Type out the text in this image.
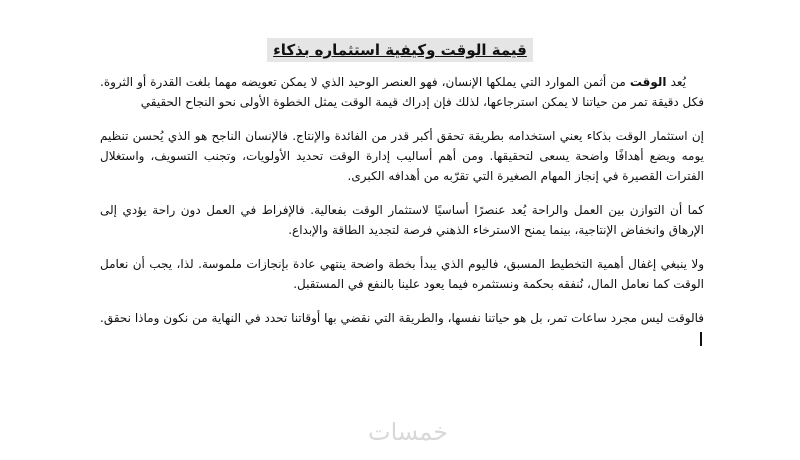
قيمة الوقت وكيفية استثماره بذكاء

يُعد الوقت من أثمن الموارد التي يملكها الإنسان، فهو العنصر الوحيد الذي لا يمكن تعويضه مهما بلغت القدرة أو الثروة. فكل دقيقة تمر من حياتنا لا يمكن استرجاعها، لذلك فإن إدراك قيمة الوقت يمثل الخطوة الأولى نحو النجاح الحقيقي

إن استثمار الوقت بذكاء يعني استخدامه بطريقة تحقق أكبر قدر من الفائدة والإنتاج. فالإنسان الناجح هو الذي يُحسن تنظيم يومه ويضع أهدافًا واضحة يسعى لتحقيقها. ومن أهم أساليب إدارة الوقت تحديد الأولويات، وتجنب التسويف، واستغلال الفترات القصيرة في إنجاز المهام الصغيرة التي تقرّبه من أهدافه الكبرى.

كما أن التوازن بين العمل والراحة يُعد عنصرًا أساسيًا لاستثمار الوقت بفعالية. فالإفراط في العمل دون راحة يؤدي إلى الإرهاق وانخفاض الإنتاجية، بينما يمنح الاسترخاء الذهني فرصة لتجديد الطاقة والإبداع.

ولا ينبغي إغفال أهمية التخطيط المسبق، فاليوم الذي يبدأ بخطة واضحة ينتهي عادة بإنجازات ملموسة. لذا، يجب أن نعامل الوقت كما نعامل المال، نُنفقه بحكمة ونستثمره فيما يعود علينا بالنفع في المستقبل.

فالوقت ليس مجرد ساعات تمر، بل هو حياتنا نفسها، والطريقة التي نقضي بها أوقاتنا تحدد في النهاية من نكون وماذا نحقق.

خمسات
